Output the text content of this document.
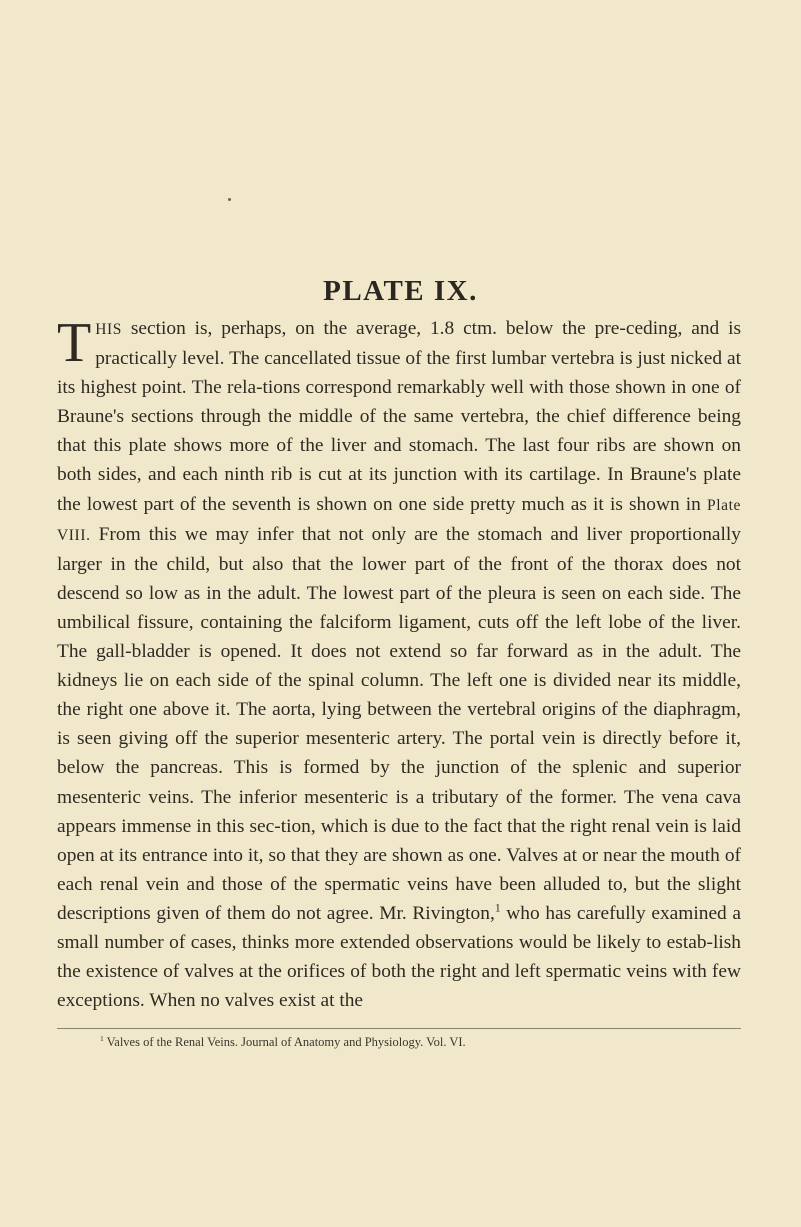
PLATE IX.

THIS section is, perhaps, on the average, 1.8 ctm. below the pre-ceding, and is practically level. The cancellated tissue of the first lumbar vertebra is just nicked at its highest point. The rela-tions correspond remarkably well with those shown in one of Braune's sections through the middle of the same vertebra, the chief difference being that this plate shows more of the liver and stomach. The last four ribs are shown on both sides, and each ninth rib is cut at its junction with its cartilage. In Braune's plate the lowest part of the seventh is shown on one side pretty much as it is shown in Plate VIII. From this we may infer that not only are the stomach and liver proportionally larger in the child, but also that the lower part of the front of the thorax does not descend so low as in the adult. The lowest part of the pleura is seen on each side. The umbilical fissure, containing the falciform ligament, cuts off the left lobe of the liver. The gall-bladder is opened. It does not extend so far forward as in the adult. The kidneys lie on each side of the spinal column. The left one is divided near its middle, the right one above it. The aorta, lying between the vertebral origins of the diaphragm, is seen giving off the superior mesenteric artery. The portal vein is directly before it, below the pancreas. This is formed by the junction of the splenic and superior mesenteric veins. The inferior mesenteric is a tributary of the former. The vena cava appears immense in this sec-tion, which is due to the fact that the right renal vein is laid open at its entrance into it, so that they are shown as one. Valves at or near the mouth of each renal vein and those of the spermatic veins have been alluded to, but the slight descriptions given of them do not agree. Mr. Rivington,$^1$ who has carefully examined a small number of cases, thinks more extended observations would be likely to estab-lish the existence of valves at the orifices of both the right and left spermatic veins with few exceptions. When no valves exist at the

$^1$ Valves of the Renal Veins. Journal of Anatomy and Physiology. Vol. VI.
